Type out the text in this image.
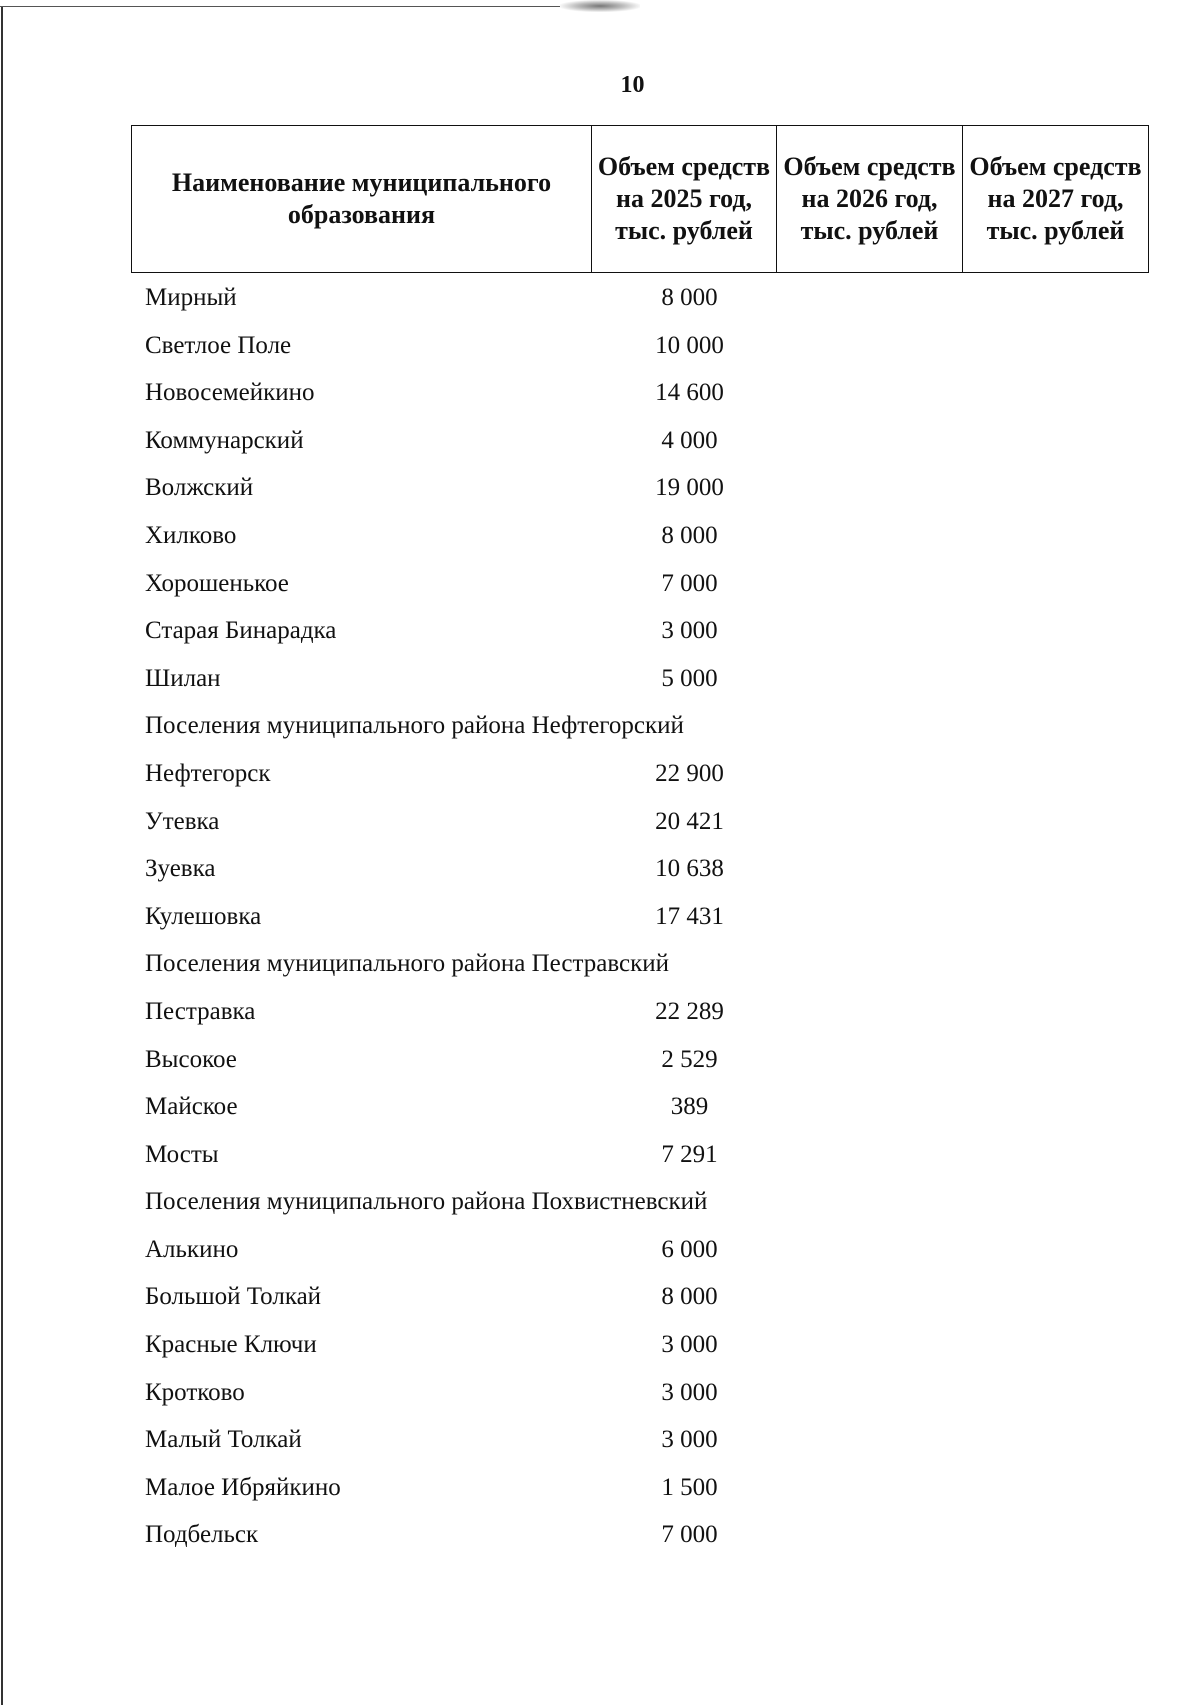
10
Наименование муниципального образования	Объем средств на 2025 год, тыс. рублей	Объем средств на 2026 год, тыс. рублей	Объем средств на 2027 год, тыс. рублей
Мирный	8 000
Светлое Поле	10 000
Новосемейкино	14 600
Коммунарский	4 000
Волжский	19 000
Хилково	8 000
Хорошенькое	7 000
Старая Бинарадка	3 000
Шилан	5 000
Поселения муниципального района Нефтегорский
Нефтегорск	22 900
Утевка	20 421
Зуевка	10 638
Кулешовка	17 431
Поселения муниципального района Пестравский
Пестравка	22 289
Высокое	2 529
Майское	389
Мосты	7 291
Поселения муниципального района Похвистневский
Алькино	6 000
Большой Толкай	8 000
Красные Ключи	3 000
Кротково	3 000
Малый Толкай	3 000
Малое Ибряйкино	1 500
Подбельск	7 000
